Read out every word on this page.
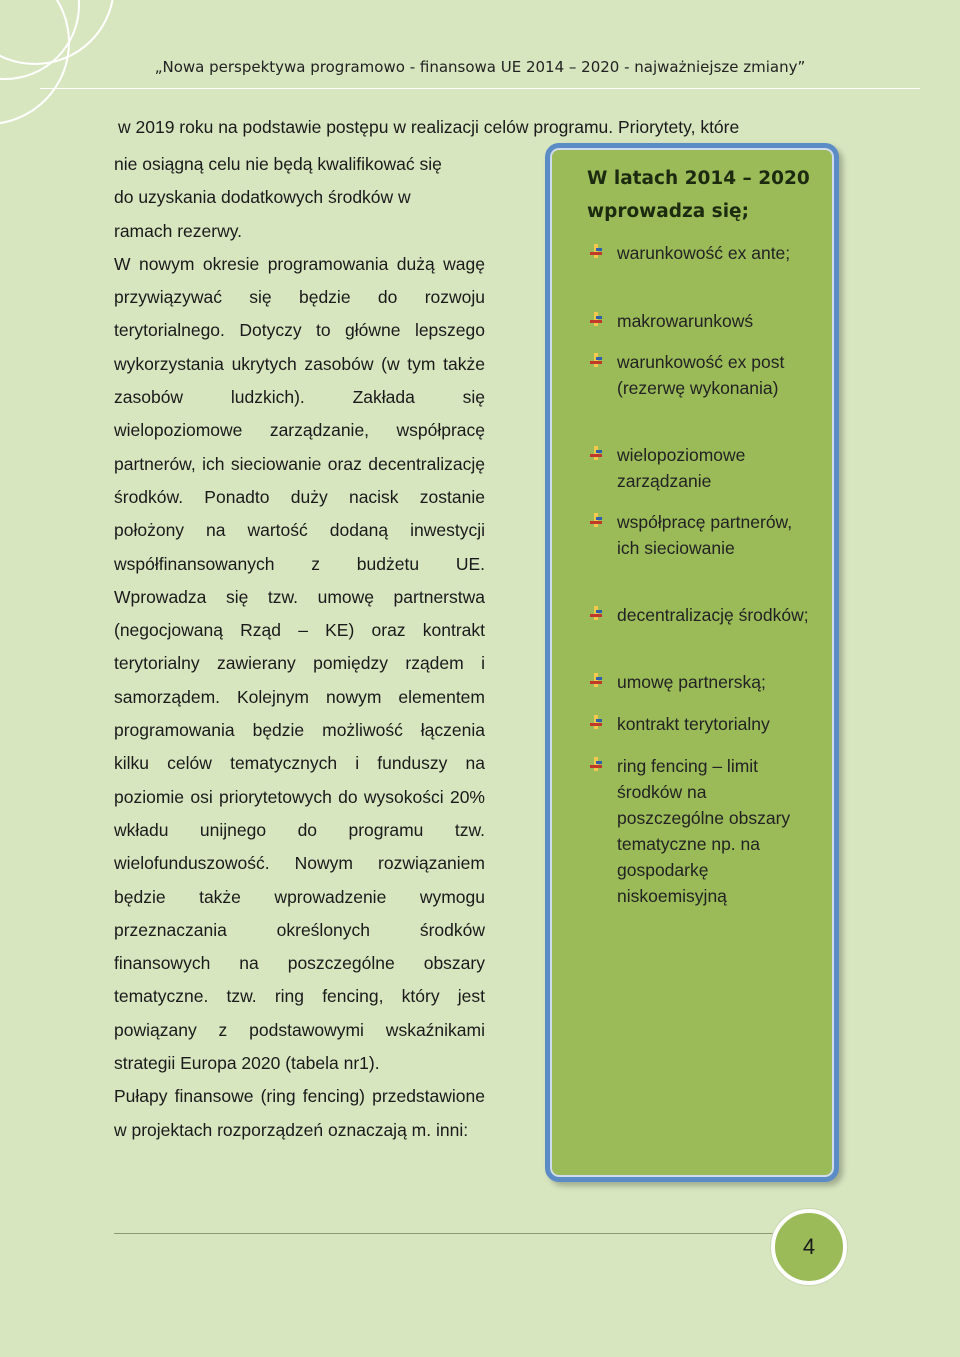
„Nowa perspektywa programowo - finansowa UE 2014 – 2020 - najważniejsze zmiany”
w 2019 roku na podstawie postępu w realizacji celów programu. Priorytety, które

nie osiągną celu nie będą kwalifikować się do uzyskania dodatkowych środków w ramach rezerwy.

W nowym okresie programowania dużą wagę przywiązywać się będzie do rozwoju terytorialnego. Dotyczy to główne lepszego wykorzystania ukrytych zasobów (w tym także zasobów ludzkich). Zakłada się wielopoziomowe zarządzanie, współpracę partnerów, ich sieciowanie oraz decentralizację środków. Ponadto duży nacisk zostanie położony na wartość dodaną inwestycji współfinansowanych z budżetu UE. Wprowadza się tzw. umowę partnerstwa (negocjowaną Rząd – KE) oraz kontrakt terytorialny zawierany pomiędzy rządem i samorządem. Kolejnym nowym elementem programowania będzie możliwość łączenia kilku celów tematycznych i funduszy na poziomie osi priorytetowych do wysokości 20% wkładu unijnego do programu tzw. wielofunduszowość. Nowym rozwiązaniem będzie także wprowadzenie wymogu przeznaczania określonych środków finansowych na poszczególne obszary tematyczne. tzw. ring fencing, który jest powiązany z podstawowymi wskaźnikami strategii Europa 2020 (tabela nr1).

Pułapy finansowe (ring fencing) przedstawione w projektach rozporządzeń oznaczają m. inni:

W latach 2014 – 2020 wprowadza się;
warunkowość ex ante;
makrowarunkowś
warunkowość ex post (rezerwę wykonania)
wielopoziomowe zarządzanie
współpracę partnerów, ich sieciowanie
decentralizację środków;
umowę partnerską;
kontrakt terytorialny
ring fencing – limit środków na poszczególne obszary tematyczne np. na gospodarkę niskoemisyjną
4
